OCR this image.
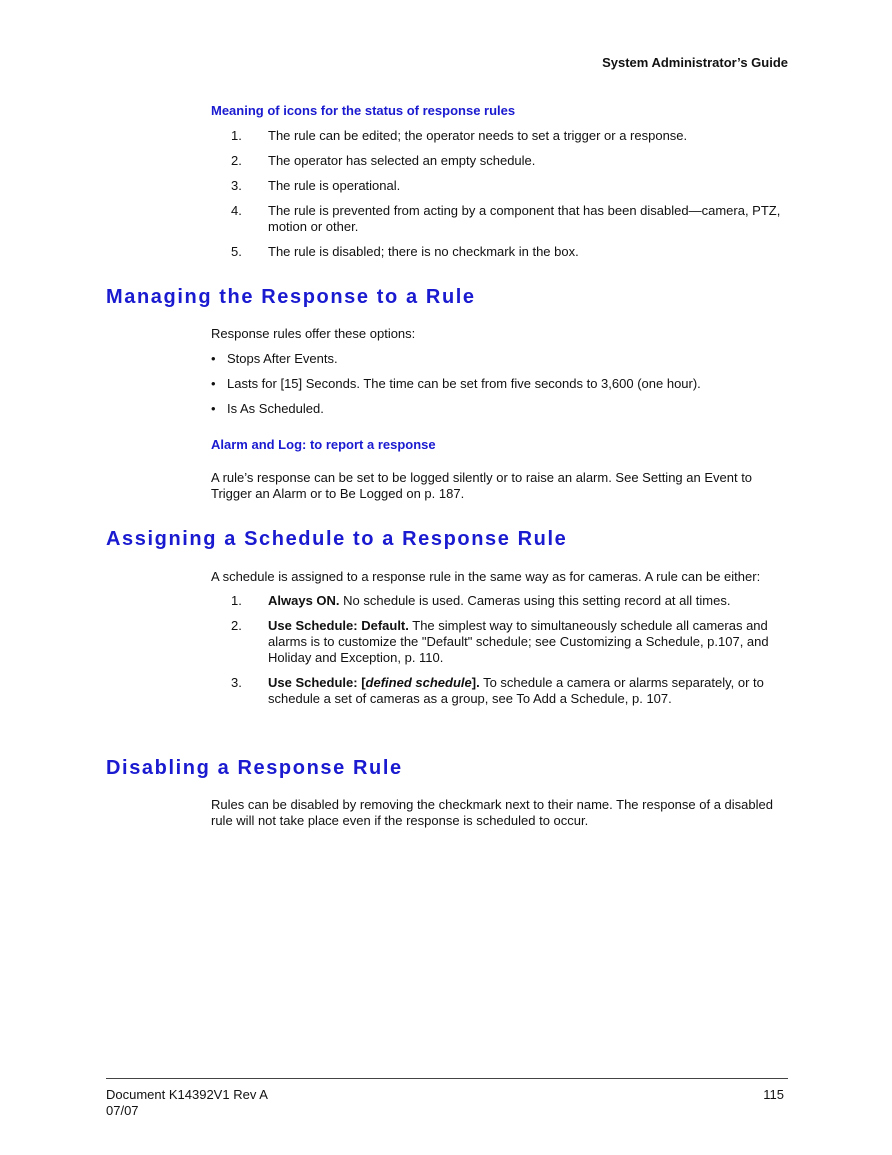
System Administrator’s Guide
Meaning of icons for the status of response rules
1. The rule can be edited; the operator needs to set a trigger or a response.
2. The operator has selected an empty schedule.
3. The rule is operational.
4. The rule is prevented from acting by a component that has been disabled—camera, PTZ, motion or other.
5. The rule is disabled; there is no checkmark in the box.
Managing the Response to a Rule
Response rules offer these options:
• Stops After Events.
• Lasts for [15] Seconds. The time can be set from five seconds to 3,600 (one hour).
• Is As Scheduled.
Alarm and Log: to report a response
A rule’s response can be set to be logged silently or to raise an alarm. See Setting an Event to Trigger an Alarm or to Be Logged on p. 187.
Assigning a Schedule to a Response Rule
A schedule is assigned to a response rule in the same way as for cameras. A rule can be either:
1. Always ON. No schedule is used. Cameras using this setting record at all times.
2. Use Schedule: Default. The simplest way to simultaneously schedule all cameras and alarms is to customize the "Default" schedule; see Customizing a Schedule, p.107, and Holiday and Exception, p. 110.
3. Use Schedule: [defined schedule]. To schedule a camera or alarms separately, or to schedule a set of cameras as a group, see To Add a Schedule, p. 107.
Disabling a Response Rule
Rules can be disabled by removing the checkmark next to their name. The response of a disabled rule will not take place even if the response is scheduled to occur.
Document K14392V1 Rev A
07/07
115
